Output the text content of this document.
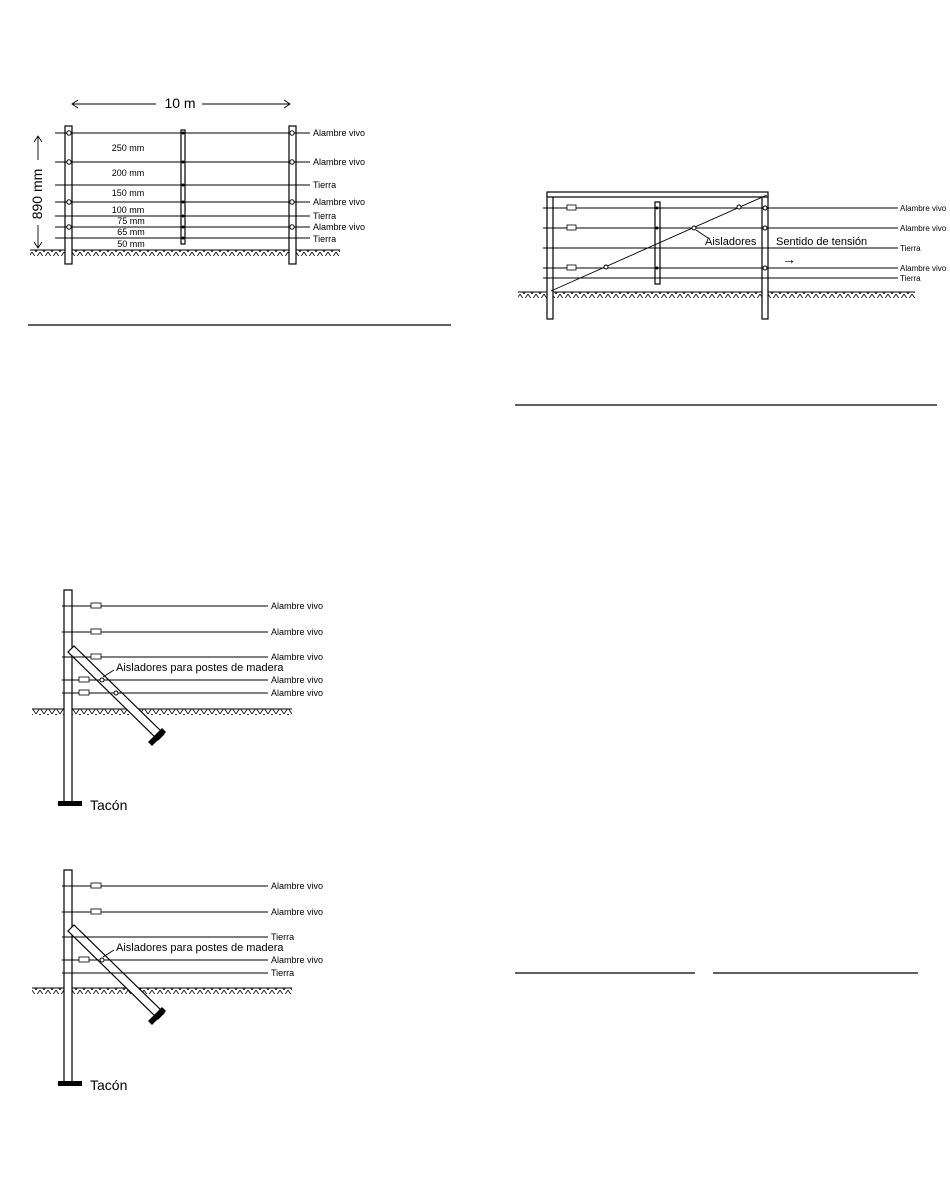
10 m
890 mm
250 mm
200 mm
150 mm
100 mm
75 mm
65 mm
50 mm
Alambre vivo
Alambre vivo
Tierra
Alambre vivo
Tierra
Alambre vivo
Tierra	Aisladores Sentido de tensión
→
Alambre vivo
Alambre vivo
Tierra
Alambre vivo
Tierra
Aisladores para postes de madera
Alambre vivo
Alambre vivo
Alambre vivo
Alambre vivo
Alambre vivo
Tacón
Aisladores para postes de madera
Alambre vivo
Alambre vivo
Tierra
Alambre vivo
Tierra
Tacón
